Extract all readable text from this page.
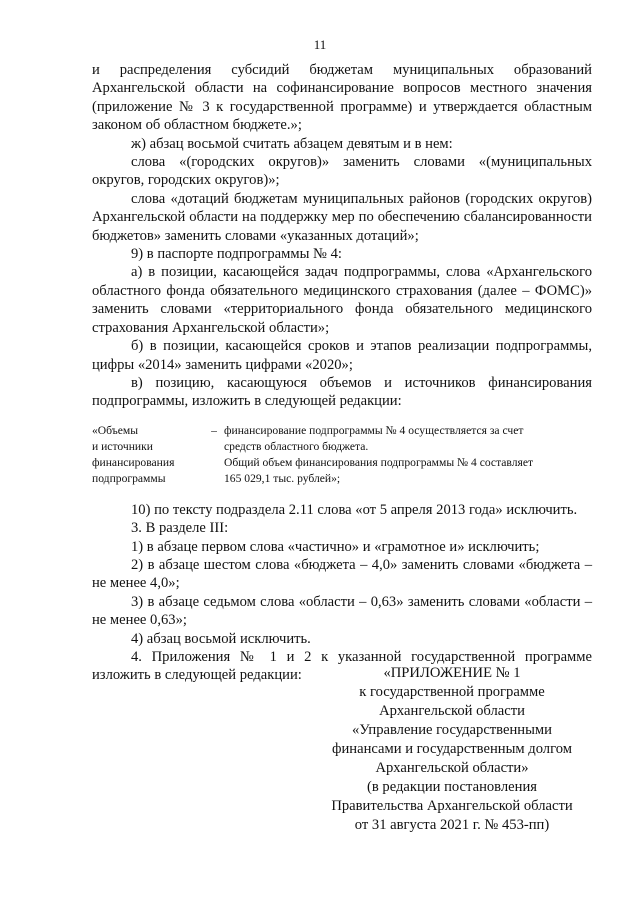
11

и распределения субсидий бюджетам муниципальных образований Архангельской области на софинансирование вопросов местного значения (приложение № 3 к государственной программе) и утверждается областным законом об областном бюджете.»;

ж) абзац восьмой считать абзацем девятым и в нем:

слова «(городских округов)» заменить словами «(муниципальных округов, городских округов)»;

слова «дотаций бюджетам муниципальных районов (городских округов) Архангельской области на поддержку мер по обеспечению сбалансированности бюджетов» заменить словами «указанных дотаций»;

9) в паспорте подпрограммы № 4:

а) в позиции, касающейся задач подпрограммы, слова «Архангельского областного фонда обязательного медицинского страхования (далее – ФОМС)» заменить словами «территориального фонда обязательного медицинского страхования Архангельской области»;

б) в позиции, касающейся сроков и этапов реализации подпрограммы, цифры «2014» заменить цифрами «2020»;

в) позицию, касающуюся объемов и источников финансирования подпрограммы, изложить в следующей редакции:

«Объемы
и источники
финансирования
подпрограммы
– финансирование подпрограммы № 4 осуществляется за счет
средств областного бюджета.
Общий объем финансирования подпрограммы № 4 составляет
165 029,1 тыс. рублей»;

10) по тексту подраздела 2.11 слова «от 5 апреля 2013 года» исключить.

3. В разделе III:

1) в абзаце первом слова «частично» и «грамотное и» исключить;

2) в абзаце шестом слова «бюджета – 4,0» заменить словами «бюджета – не менее 4,0»;

3) в абзаце седьмом слова «области – 0,63» заменить словами «области – не менее 0,63»;

4) абзац восьмой исключить.

4. Приложения № 1 и 2 к указанной государственной программе изложить в следующей редакции:	«ПРИЛОЖЕНИЕ № 1
к государственной программе
Архангельской области
«Управление государственными
финансами и государственным долгом
Архангельской области»
(в редакции постановления
Правительства Архангельской области
от 31 августа 2021 г. № 453-пп)
